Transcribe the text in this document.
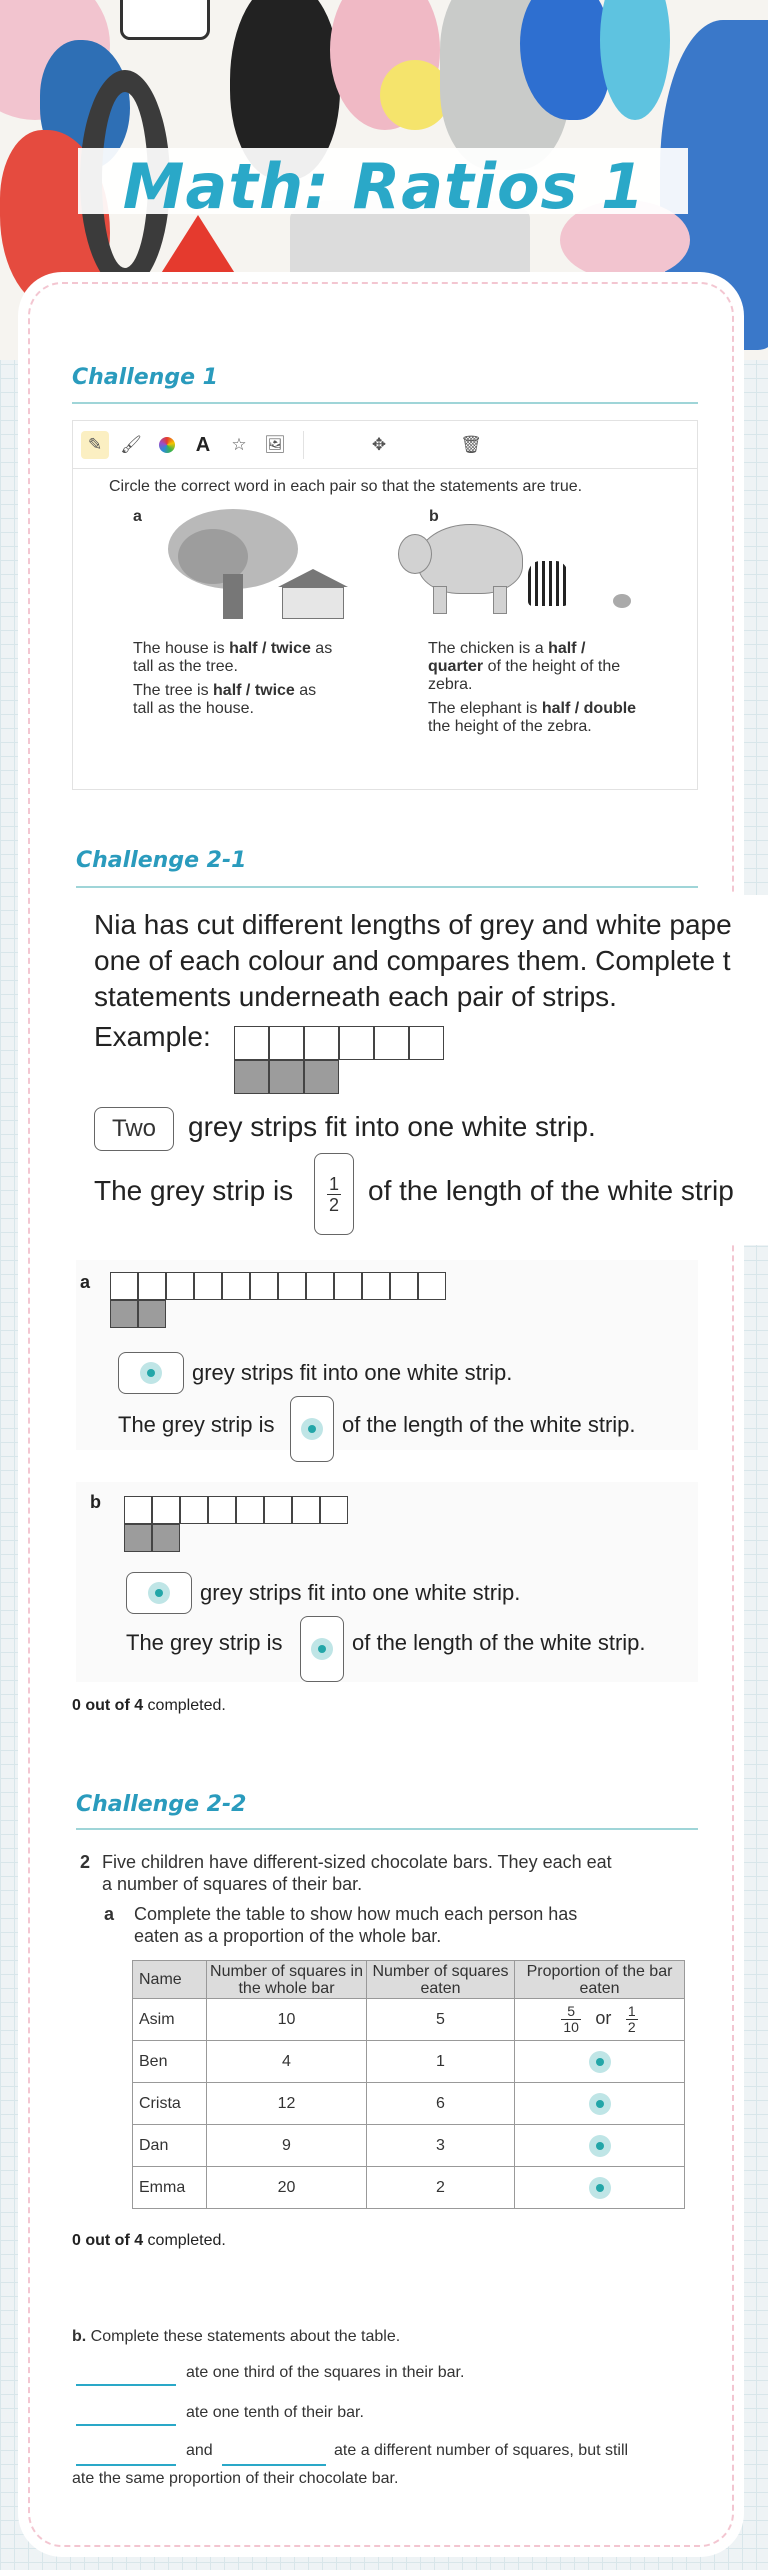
Math: Ratios 1
Challenge 1
✎	🖌	A	☆	🖼	✥	🗑
Circle the correct word in each pair so that the statements are true.
a	b
The house is half / twice as
tall as the tree.
The tree is half / twice as
tall as the house.
The chicken is a half /
quarter of the height of the
zebra.
The elephant is half / double
the height of the zebra.
Challenge 2-1
Nia has cut different lengths of grey and white pape
one of each colour and compares them. Complete t
statements underneath each pair of strips.
Example:
Two	grey strips fit into one white strip.
The grey strip is $\frac{1}{2}$ of the length of the white strip
a
grey strips fit into one white strip.
The grey strip is	of the length of the white strip.
b
grey strips fit into one white strip.
The grey strip is	of the length of the white strip.
0 out of 4 completed.
Challenge 2-2
2 Five children have different-sized chocolate bars. They each eat
a number of squares of their bar.
a Complete the table to show how much each person has
eaten as a proportion of the whole bar.
Name	Number of squares in the whole bar	Number of squares eaten	Proportion of the bar eaten
Asim	10	5	$\frac{5}{10}$ or $\frac{1}{2}$

Ben	4	1	

Crista	12	6	

Dan	9	3	

Emma	20	2	
0 out of 4 completed.
b. Complete these statements about the table.
ate one third of the squares in their bar.
ate one tenth of their bar.
and	ate a different number of squares, but still
ate the same proportion of their chocolate bar.
